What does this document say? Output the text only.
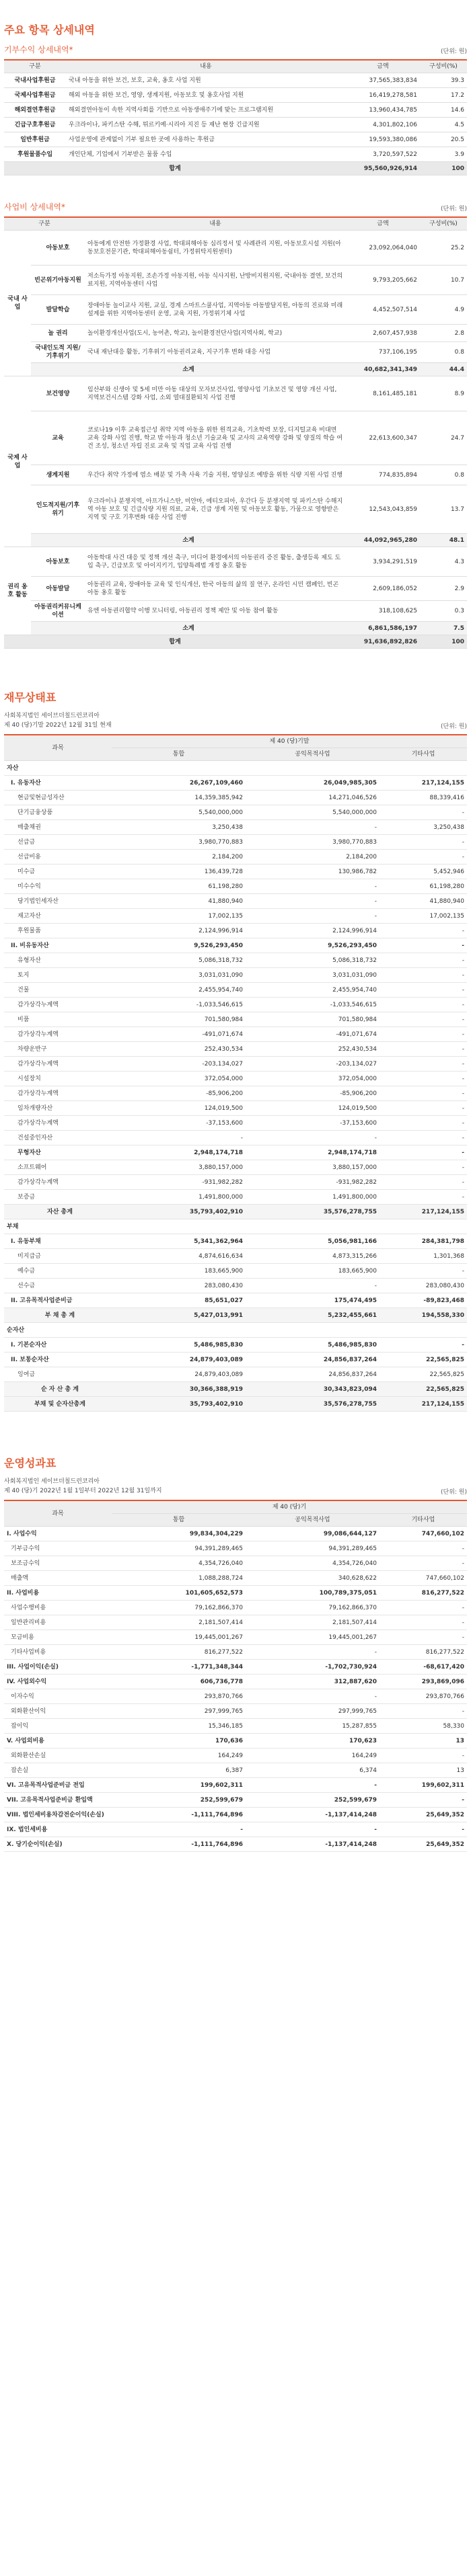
주요 항목 상세내역
기부수익 상세내역*	(단위: 원)
구분	내용	금액	구성비(%)
국내사업후원금	국내 아동을 위한 보건, 보호, 교육, 옹호 사업 지원	37,565,383,834	39.3
국제사업후원금	해외 아동을 위한 보건, 영양, 생계지원, 아동보호 및 옹호사업 지원	16,419,278,581	17.2
해외결연후원금	해외결연아동이 속한 지역사회를 기반으로 아동생애주기에 맞는 프로그램지원	13,960,434,785	14.6
긴급구호후원금	우크라이나, 파키스탄 수해, 튀르키예·시리아 지진 등 재난 현장 긴급지원	4,301,802,106	4.5
일반후원금	사업운영에 관계없이 기부 필요한 곳에 사용하는 후원금	19,593,380,086	20.5
후원물품수입	개인단체, 기업에서 기부받은 물품 수입	3,720,597,522	3.9
합계		95,560,926,914	100
사업비 상세내역*	(단위: 원)
구분		내용	금액	구성비(%)
국내 사업	아동보호	아동에게 안전한 가정환경 사업, 학대피해아동 심리정서 및 사례관리 지원, 아동보호시설 지원(아동보호전문기관, 학대피해아동쉼터, 가정위탁지원센터)	23,092,064,040	25.2
	빈곤위기아동지원	저소득가정 아동지원, 조손가정 아동지원, 아동 식사지원, 난방비지원지원, 국내아동 결연, 보건의료지원, 지역아동센터 사업	9,793,205,662	10.7
	발달학습	장애아동 놀이교사 지원, 교실, 경계 스마트스쿨사업, 지역아동 아동발달지원, 아동의 진로와 미래설계를 위한 지역아동센터 운영, 교육 지원, 가정위기체 사업	4,452,507,514	4.9
	놀 권리	놀이환경개선사업(도시, 농어촌, 학교), 놀이환경전단사업(지역사회, 학교)	2,607,457,938	2.8
	국내인도적 지원/기후위기	국내 재난대응 활동, 기후위기 아동권리교육, 지구기후 변화 대응 사업	737,106,195	0.8
	소계		40,682,341,349	44.4
국제 사업	보건영양	임산부와 신생아 및 5세 미만 아동 대상의 모자보건사업, 영양사업 기초보건 및 영양 개선 사업, 지역보건시스템 강화 사업, 소외 열대질환퇴치 사업 진행	8,161,485,181	8.9
	교육	코로나19 이후 교육접근성 취약 지역 아동을 위한 원격교육, 기초학력 보장, 디지털교육 비대면 교육 강화 사업 진행, 학교 밖 아동과 청소년 기술교육 및 교사의 교육역량 강화 및 양질의 학습 여건 조성, 청소년 자립 진로 교육 및 직업 교육 사업 진행	22,613,600,347	24.7
	생계지원	우간다 취약 가정에 염소 배분 및 가축 사육 기술 지원, 영양실조 예방을 위한 식량 지원 사업 진행	774,835,894	0.8
	인도적지원/기후위기	우크라이나 분쟁지역, 아프가니스탄, 미얀마, 에티오피아, 우간다 등 분쟁지역 및 파키스탄 수해지역 아동 보호 및 긴급식량 지원 의료, 교육, 긴급 생계 지원 및 아동보호 활동, 가뭄으로 영향받은 지역 및 구호 기후변화 대응 사업 진행	12,543,043,859	13.7
	소계		44,092,965,280	48.1
권리 옹호 활동	아동보호	아동학대 사건 대응 및 정책 개선 촉구, 미디어 환경에서의 아동권리 증진 활동, 출생등록 제도 도입 촉구, 긴급보호 및 아이지키기, 입양특례법 개정 옹호 활동	3,934,291,519	4.3
	아동발달	아동권리 교육, 장애아동 교육 및 인식개선, 한국 아동의 삶의 질 연구, 온라인 시민 캠페인, 빈곤 아동 옹호 활동	2,609,186,052	2.9
	아동권리커뮤니케이션	유엔 아동권리협약 이행 모니터링, 아동권리 정책 제안 및 아동 참여 활동	318,108,625	0.3
	소계		6,861,586,197	7.5
합계			91,636,892,826	100
재무상태표
사회복지법인 세이브더칠드런코리아
제 40 (당)기말 2022년 12월 31일 현재	(단위: 원)
과목	제 40 (당)기말		
	통합	공익목적사업	기타사업
자산			
I. 유동자산	26,267,109,460	26,049,985,305	217,124,155
현금및현금성자산	14,359,385,942	14,271,046,526	88,339,416
단기금융상품	5,540,000,000	5,540,000,000	-
매출채권	3,250,438	-	3,250,438
선급금	3,980,770,883	3,980,770,883	-
선급비용	2,184,200	2,184,200	-
미수금	136,439,728	130,986,782	5,452,946
미수수익	61,198,280	-	61,198,280
당기법인세자산	41,880,940	-	41,880,940
재고자산	17,002,135	-	17,002,135
후원물품	2,124,996,914	2,124,996,914	-
II. 비유동자산	9,526,293,450	9,526,293,450	-
유형자산	5,086,318,732	5,086,318,732	-
토지	3,031,031,090	3,031,031,090	-
건물	2,455,954,740	2,455,954,740	-
감가상각누계액	-1,033,546,615	-1,033,546,615	-
비품	701,580,984	701,580,984	-
감가상각누계액	-491,071,674	-491,071,674	-
차량운반구	252,430,534	252,430,534	-
감가상각누계액	-203,134,027	-203,134,027	-
시설장치	372,054,000	372,054,000	-
감가상각누계액	-85,906,200	-85,906,200	-
임차개량자산	124,019,500	124,019,500	-
감가상각누계액	-37,153,600	-37,153,600	-
건설중인자산	-	-	-
무형자산	2,948,174,718	2,948,174,718	-
소프트웨어	3,880,157,000	3,880,157,000	-
감가상각누계액	-931,982,282	-931,982,282	-
보증금	1,491,800,000	1,491,800,000	-
자산 총계	35,793,402,910	35,576,278,755	217,124,155
부채			
I. 유동부채	5,341,362,964	5,056,981,166	284,381,798
미지급금	4,874,616,634	4,873,315,266	1,301,368
예수금	183,665,900	183,665,900	-
선수금	283,080,430	-	283,080,430
II. 고유목적사업준비금	85,651,027	175,474,495	-89,823,468
부 채 총 계	5,427,013,991	5,232,455,661	194,558,330
순자산			
I. 기본순자산	5,486,985,830	5,486,985,830	-
II. 보통순자산	24,879,403,089	24,856,837,264	22,565,825
잉여금	24,879,403,089	24,856,837,264	22,565,825
순 자 산 총 계	30,366,388,919	30,343,823,094	22,565,825
부채 및 순자산총계	35,793,402,910	35,576,278,755	217,124,155
운영성과표
사회복지법인 세이브더칠드런코리아
제 40 (당)기 2022년 1월 1일부터 2022년 12월 31일까지	(단위: 원)
과목	제 40 (당)기		
	통합	공익목적사업	기타사업
I. 사업수익	99,834,304,229	99,086,644,127	747,660,102
기부금수익	94,391,289,465	94,391,289,465	-
보조금수익	4,354,726,040	4,354,726,040	-
매출액	1,088,288,724	340,628,622	747,660,102
II. 사업비용	101,605,652,573	100,789,375,051	816,277,522
사업수행비용	79,162,866,370	79,162,866,370	-
일반관리비용	2,181,507,414	2,181,507,414	-
모금비용	19,445,001,267	19,445,001,267	-
기타사업비용	816,277,522	-	816,277,522
III. 사업이익(손실)	-1,771,348,344	-1,702,730,924	-68,617,420
IV. 사업외수익	606,736,778	312,887,620	293,869,096
이자수익	293,870,766	-	293,870,766
외화환산이익	297,999,765	297,999,765	-
잡이익	15,346,185	15,287,855	58,330
V. 사업외비용	170,636	170,623	13
외화환산손실	164,249	164,249	-
잡손실	6,387	6,374	13
VI. 고유목적사업준비금 전입	199,602,311	-	199,602,311
VII. 고유목적사업준비금 환입액	252,599,679	252,599,679	-
VIII. 법인세비용차감전순이익(손실)	-1,111,764,896	-1,137,414,248	25,649,352
IX. 법인세비용	-	-	-
X. 당기순이익(손실)	-1,111,764,896	-1,137,414,248	25,649,352
